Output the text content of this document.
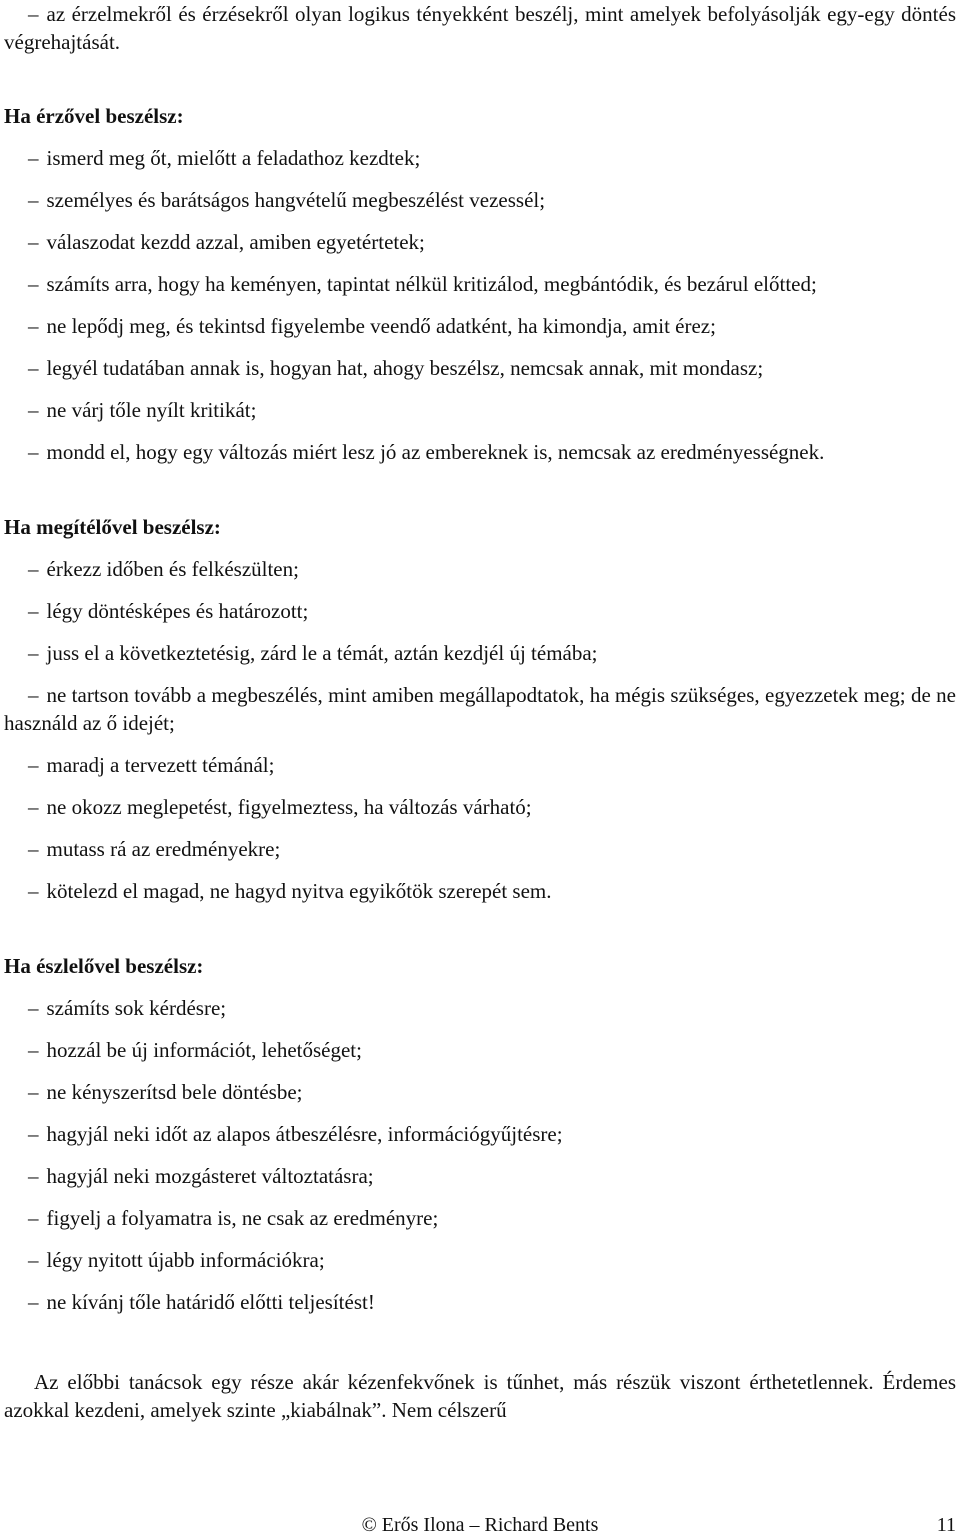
– az érzelmekről és érzésekről olyan logikus tényekként beszélj, mint amelyek befolyásolják egy-egy döntés végrehajtását.

Ha érzővel beszélsz:

– ismerd meg őt, mielőtt a feladathoz kezdtek;

– személyes és barátságos hangvételű megbeszélést vezessél;

– válaszodat kezdd azzal, amiben egyetértetek;

– számíts arra, hogy ha keményen, tapintat nélkül kritizálod, megbántódik, és bezárul előtted;

– ne lepődj meg, és tekintsd figyelembe veendő adatként, ha kimondja, amit érez;

– legyél tudatában annak is, hogyan hat, ahogy beszélsz, nemcsak annak, mit mondasz;

– ne várj tőle nyílt kritikát;

– mondd el, hogy egy változás miért lesz jó az embereknek is, nemcsak az eredményességnek.

Ha megítélővel beszélsz:

– érkezz időben és felkészülten;

– légy döntésképes és határozott;

– juss el a következtetésig, zárd le a témát, aztán kezdjél új témába;

– ne tartson tovább a megbeszélés, mint amiben megállapodtatok, ha mégis szükséges, egyezzetek meg; de ne használd az ő idejét;

– maradj a tervezett témánál;

– ne okozz meglepetést, figyelmeztess, ha változás várható;

– mutass rá az eredményekre;

– kötelezd el magad, ne hagyd nyitva egyikőtök szerepét sem.

Ha észlelővel beszélsz:

– számíts sok kérdésre;

– hozzál be új információt, lehetőséget;

– ne kényszerítsd bele döntésbe;

– hagyjál neki időt az alapos átbeszélésre, információgyűjtésre;

– hagyjál neki mozgásteret változtatásra;

– figyelj a folyamatra is, ne csak az eredményre;

– légy nyitott újabb információkra;

– ne kívánj tőle határidő előtti teljesítést!

Az előbbi tanácsok egy része akár kézenfekvőnek is tűnhet, más részük viszont érthetetlennek. Érdemes azokkal kezdeni, amelyek szinte „kiabálnak”. Nem célszerű

© Erős Ilona – Richard Bents	11
